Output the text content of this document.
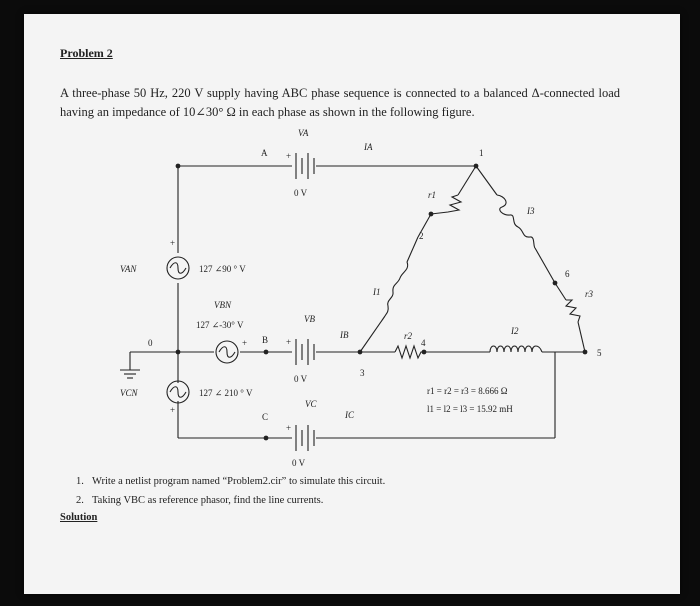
Problem 2

A three-phase 50 Hz, 220 V supply having ABC phase sequence is connected to a balanced Δ-connected load having an impedance of 10∠30° Ω in each phase as shown in the following figure.

A
B
C
0
1
2
3
4
5
6
0 V
0 V
0 V
+
+
+
+
+
+
VA
VB
VC
IA
IB
IC
I1
I2
I3
r1
r2
r3
VAN	127 ∠90 ° V
VBN
127 ∠-30° V
VCN	127 ∠ 210 ° V	r1 = r2 = r3 = 8.666 Ω
l1 = l2 = l3 = 15.92 mH
1. Write a netlist program named “Problem2.cir” to simulate this circuit.
2. Taking VBC as reference phasor, find the line currents.

Solution
